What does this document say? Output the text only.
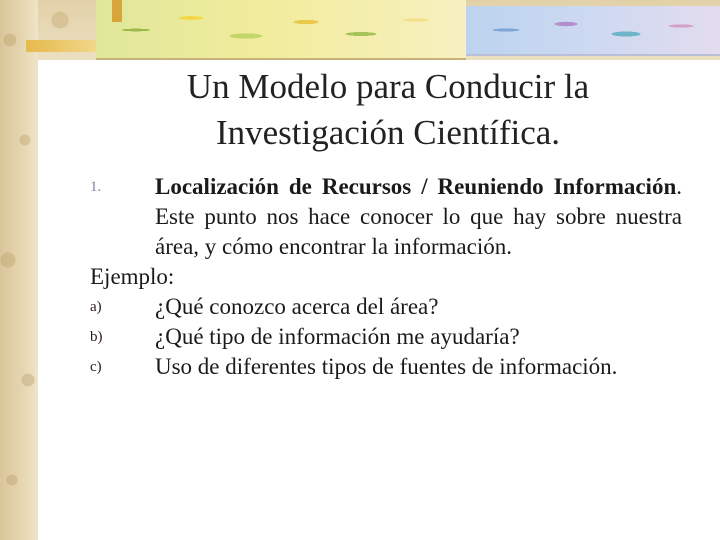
Un Modelo para Conducir la
Investigación Científica.
1. Localización de Recursos / Reuniendo Información. Este punto nos hace conocer lo que hay sobre nuestra área, y cómo encontrar la información.
Ejemplo:
a) ¿Qué conozco acerca del área?
b) ¿Qué tipo de información me ayudaría?
c) Uso de diferentes tipos de fuentes de información.
